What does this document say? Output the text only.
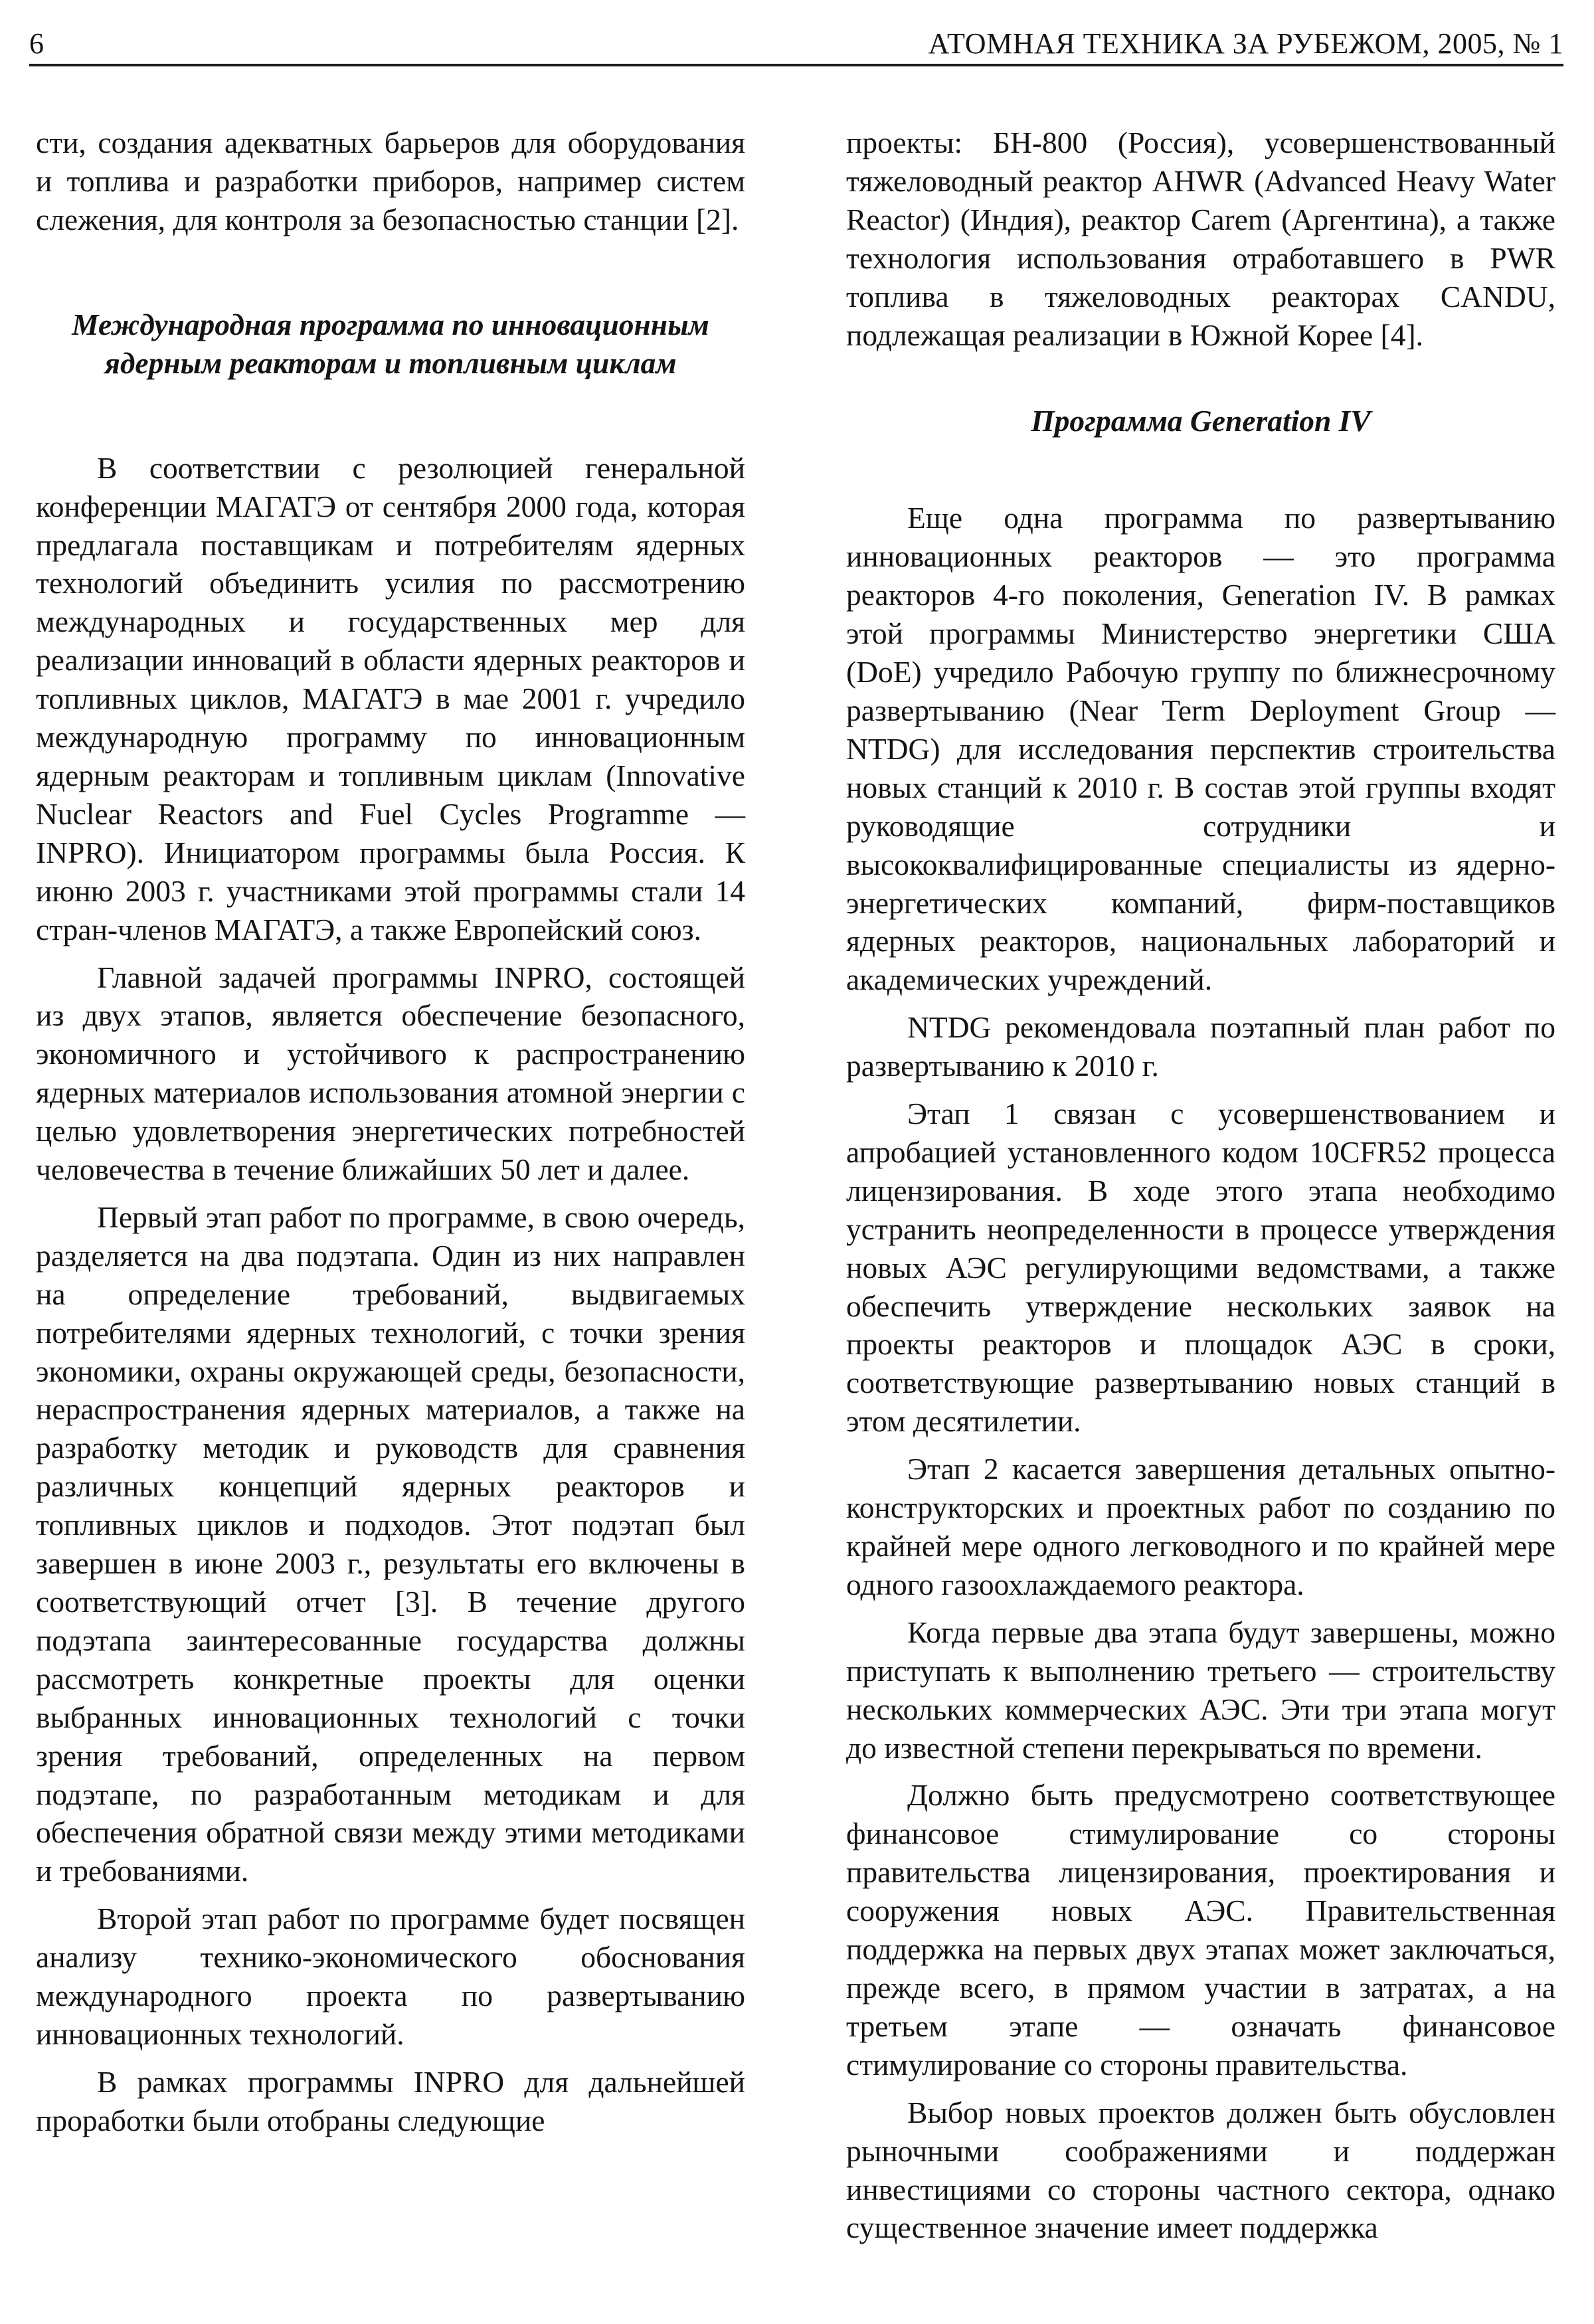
6	АТОМНАЯ ТЕХНИКА ЗА РУБЕЖОМ, 2005, № 1

сти, создания адекватных барьеров для оборудования и топлива и разработки приборов, например систем слежения, для контроля за безопасностью станции [2].

Международная программа по инновационным ядерным реакторам и топливным циклам

В соответствии с резолюцией генеральной конференции МАГАТЭ от сентября 2000 года, которая предлагала поставщикам и потребителям ядерных технологий объединить усилия по рассмотрению международных и государственных мер для реализации инноваций в области ядерных реакторов и топливных циклов, МАГАТЭ в мае 2001 г. учредило международную программу по инновационным ядерным реакторам и топливным циклам (Innovative Nuclear Reactors and Fuel Cycles Programme — INPRO). Инициатором программы была Россия. К июню 2003 г. участниками этой программы стали 14 стран-членов МАГАТЭ, а также Европейский союз.

Главной задачей программы INPRO, состоящей из двух этапов, является обеспечение безопасного, экономичного и устойчивого к распространению ядерных материалов использования атомной энергии с целью удовлетворения энергетических потребностей человечества в течение ближайших 50 лет и далее.

Первый этап работ по программе, в свою очередь, разделяется на два подэтапа. Один из них направлен на определение требований, выдвигаемых потребителями ядерных технологий, с точки зрения экономики, охраны окружающей среды, безопасности, нераспространения ядерных материалов, а также на разработку методик и руководств для сравнения различных концепций ядерных реакторов и топливных циклов и подходов. Этот подэтап был завершен в июне 2003 г., результаты его включены в соответствующий отчет [3]. В течение другого подэтапа заинтересованные государства должны рассмотреть конкретные проекты для оценки выбранных инновационных технологий с точки зрения требований, определенных на первом подэтапе, по разработанным методикам и для обеспечения обратной связи между этими методиками и требованиями.

Второй этап работ по программе будет посвящен анализу технико-экономического обоснования международного проекта по развертыванию инновационных технологий.

В рамках программы INPRO для дальнейшей проработки были отобраны следующие

проекты: БН-800 (Россия), усовершенствованный тяжеловодный реактор AHWR (Advanced Heavy Water Reactor) (Индия), реактор Carem (Аргентина), а также технология использования отработавшего в PWR топлива в тяжеловодных реакторах CANDU, подлежащая реализации в Южной Корее [4].

Программа Generation IV

Еще одна программа по развертыванию инновационных реакторов — это программа реакторов 4-го поколения, Generation IV. В рамках этой программы Министерство энергетики США (DoE) учредило Рабочую группу по ближнесрочному развертыванию (Near Term Deployment Group — NTDG) для исследования перспектив строительства новых станций к 2010 г. В состав этой группы входят руководящие сотрудники и высококвалифицированные специалисты из ядерно-энергетических компаний, фирм-поставщиков ядерных реакторов, национальных лабораторий и академических учреждений.

NTDG рекомендовала поэтапный план работ по развертыванию к 2010 г.

Этап 1 связан с усовершенствованием и апробацией установленного кодом 10CFR52 процесса лицензирования. В ходе этого этапа необходимо устранить неопределенности в процессе утверждения новых АЭС регулирующими ведомствами, а также обеспечить утверждение нескольких заявок на проекты реакторов и площадок АЭС в сроки, соответствующие развертыванию новых станций в этом десятилетии.

Этап 2 касается завершения детальных опытно-конструкторских и проектных работ по созданию по крайней мере одного легководного и по крайней мере одного газоохлаждаемого реактора.

Когда первые два этапа будут завершены, можно приступать к выполнению третьего — строительству нескольких коммерческих АЭС. Эти три этапа могут до известной степени перекрываться по времени.

Должно быть предусмотрено соответствующее финансовое стимулирование со стороны правительства лицензирования, проектирования и сооружения новых АЭС. Правительственная поддержка на первых двух этапах может заключаться, прежде всего, в прямом участии в затратах, а на третьем этапе — означать финансовое стимулирование со стороны правительства.

Выбор новых проектов должен быть обусловлен рыночными соображениями и поддержан инвестициями со стороны частного сектора, однако существенное значение имеет поддержка
